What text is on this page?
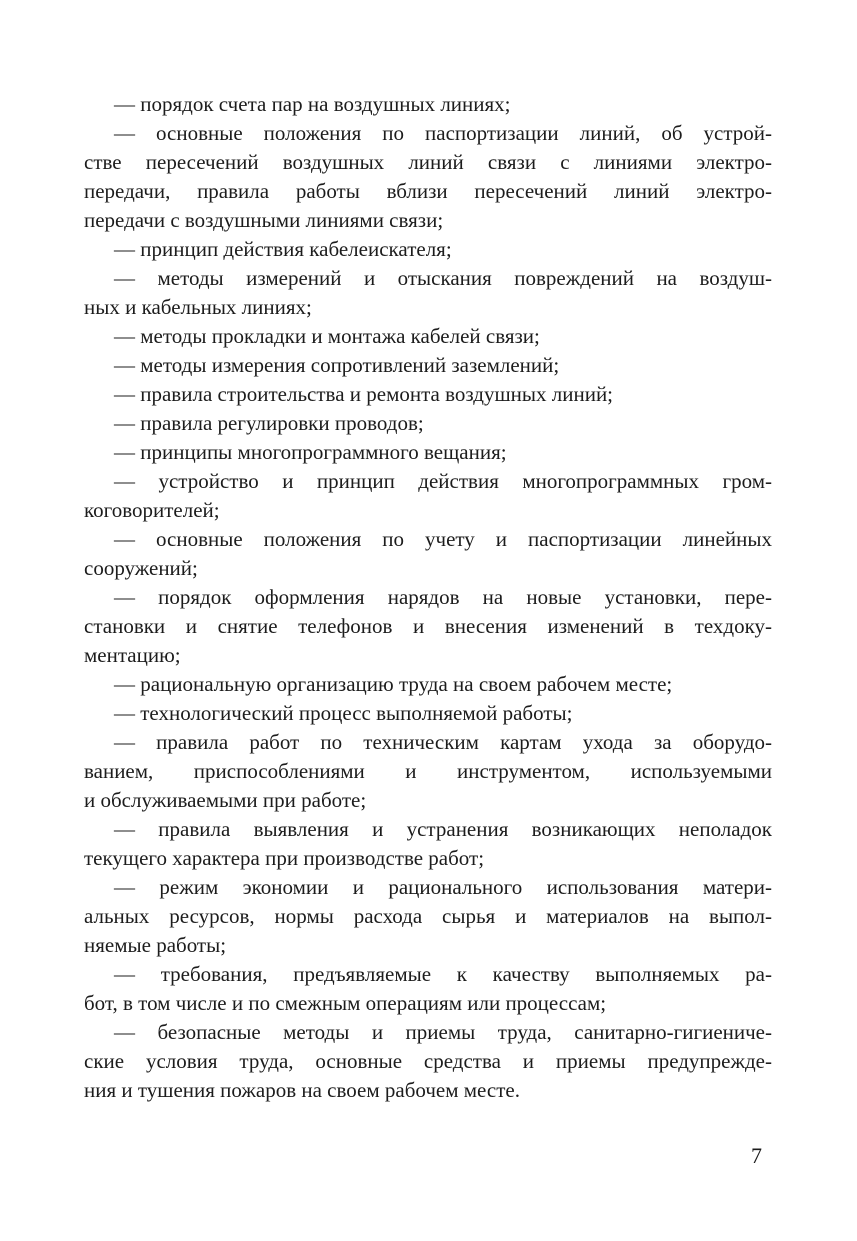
— порядок счета пар на воздушных линиях;

— основные положения по паспортизации линий, об устрой-
стве пересечений воздушных линий связи с линиями электро-
передачи, правила работы вблизи пересечений линий электро-
передачи с воздушными линиями связи;

— принцип действия кабелеискателя;

— методы измерений и отыскания повреждений на воздуш-
ных и кабельных линиях;

— методы прокладки и монтажа кабелей связи;

— методы измерения сопротивлений заземлений;

— правила строительства и ремонта воздушных линий;

— правила регулировки проводов;

— принципы многопрограммного вещания;

— устройство и принцип действия многопрограммных гром-
коговорителей;

— основные положения по учету и паспортизации линейных
сооружений;

— порядок оформления нарядов на новые установки, пере-
становки и снятие телефонов и внесения изменений в техдоку-
ментацию;

— рациональную организацию труда на своем рабочем месте;

— технологический процесс выполняемой работы;

— правила работ по техническим картам ухода за оборудо-
ванием, приспособлениями и инструментом, используемыми
и обслуживаемыми при работе;

— правила выявления и устранения возникающих неполадок
текущего характера при производстве работ;

— режим экономии и рационального использования матери-
альных ресурсов, нормы расхода сырья и материалов на выпол-
няемые работы;

— требования, предъявляемые к качеству выполняемых ра-
бот, в том числе и по смежным операциям или процессам;

— безопасные методы и приемы труда, санитарно-гигиениче-
ские условия труда, основные средства и приемы предупрежде-
ния и тушения пожаров на своем рабочем месте.

7
